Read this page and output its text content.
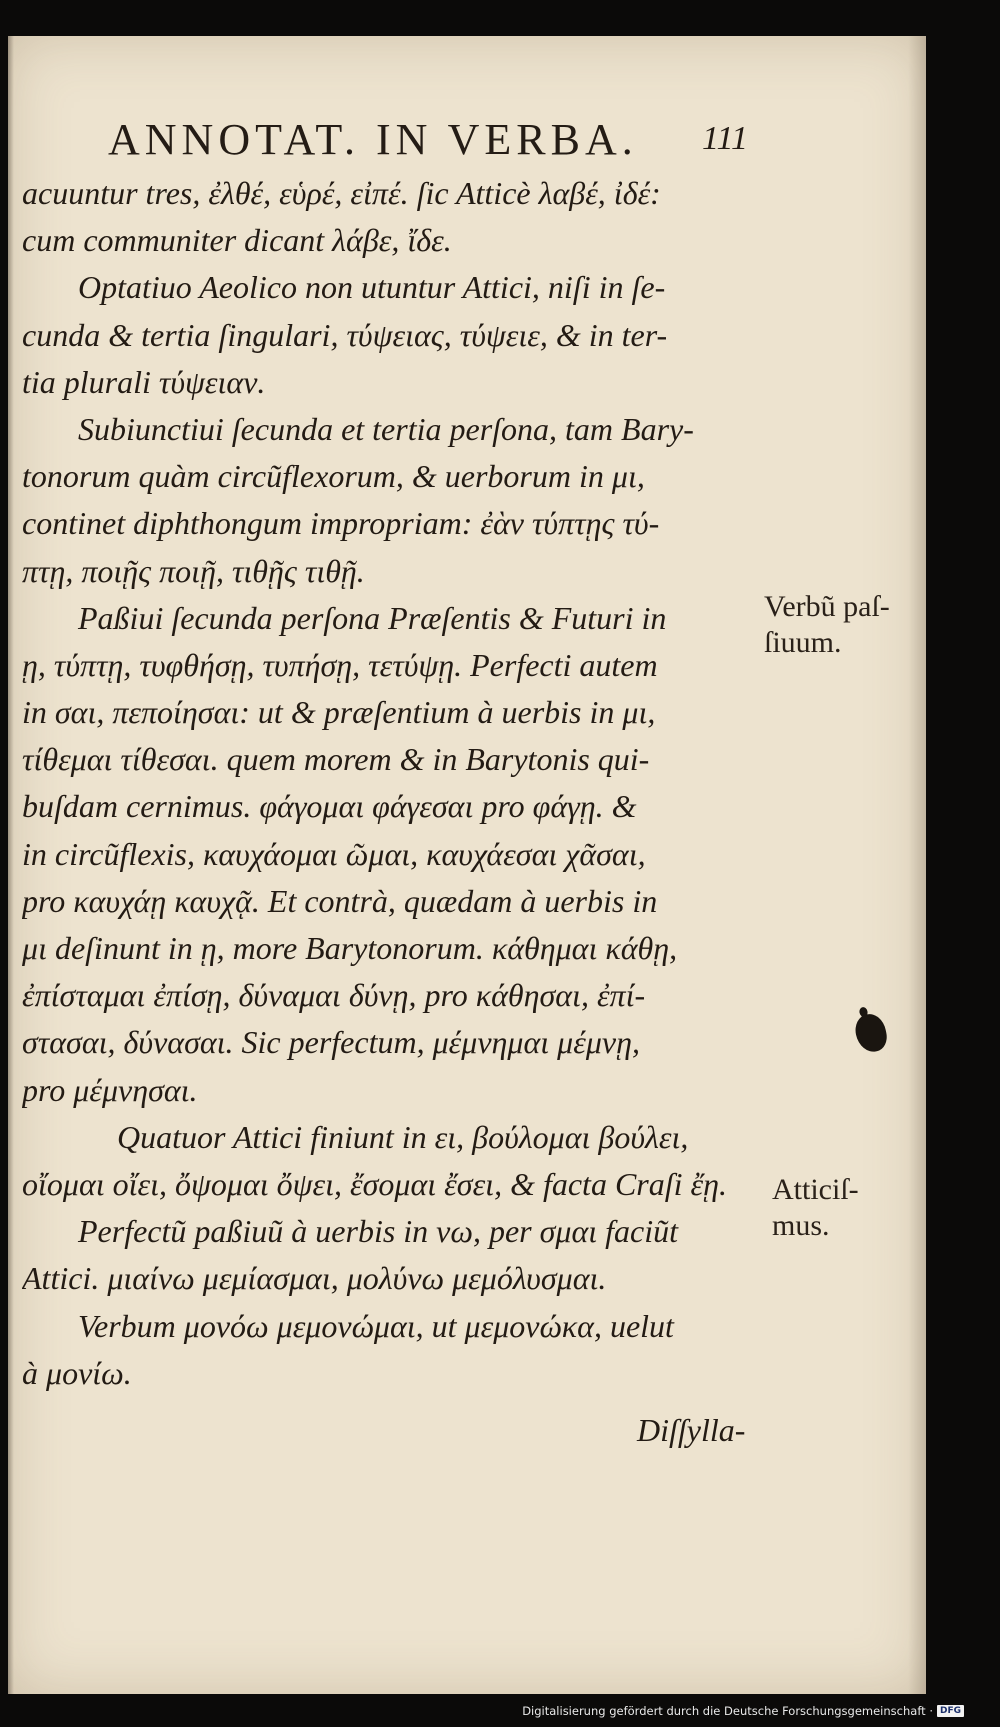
ANNOTAT. IN VERBA. 111
acuuntur tres, ἐλθέ, εὑρέ, εἰπέ. ſic Atticè λαβέ, ἰδέ:
cum communiter dicant λάβε, ἴδε.
Optatiuo Aeolico non utuntur Attici, niſi in ſe-
cunda & tertia ſingulari, τύψειας, τύψειε, & in ter-
tia plurali τύψειαν.
Subiunctiui ſecunda et tertia perſona, tam Bary-
tonorum quàm circũflexorum, & uerborum in μι,
continet diphthongum impropriam: ἐὰν τύπτῃς τύ-
πτῃ, ποιῇς ποιῇ, τιθῇς τιθῇ.
Paßiui ſecunda perſona Præſentis & Futuri in
ῃ, τύπτῃ, τυφθήσῃ, τυπήσῃ, τετύψῃ. Perfecti autem
in σαι, πεποίησαι: ut & præſentium à uerbis in μι,
τίθεμαι τίθεσαι. quem morem & in Barytonis qui-
buſdam cernimus. φάγομαι φάγεσαι pro φάγῃ. &
in circũflexis, καυχάομαι ῶμαι, καυχάεσαι χᾶσαι,
pro καυχάῃ καυχᾷ. Et contrà, quædam à uerbis in
μι deſinunt in ῃ, more Barytonorum. κάθημαι κάθῃ,
ἐπίσταμαι ἐπίσῃ, δύναμαι δύνῃ, pro κάθησαι, ἐπί-
στασαι, δύνασαι. Sic perfectum, μέμνημαι μέμνῃ,
pro μέμνησαι.
Quatuor Attici finiunt in ει, βούλομαι βούλει,
οἴομαι οἴει, ὄψομαι ὄψει, ἔσομαι ἔσει, & facta Craſi ἔῃ.
Perfectũ paßiuũ à uerbis in νω, per σμαι faciũt
Attici. μιαίνω μεμίασμαι, μολύνω μεμόλυσμαι.
Verbum μονόω μεμονώμαι, ut μεμονώκα, uelut
à μονίω.
Diſſylla-
Verbũ paſ-
ſiuum.
Atticiſ-
mus.
Digitalisierung gefördert durch die Deutsche Forschungsgemeinschaft · DFG
